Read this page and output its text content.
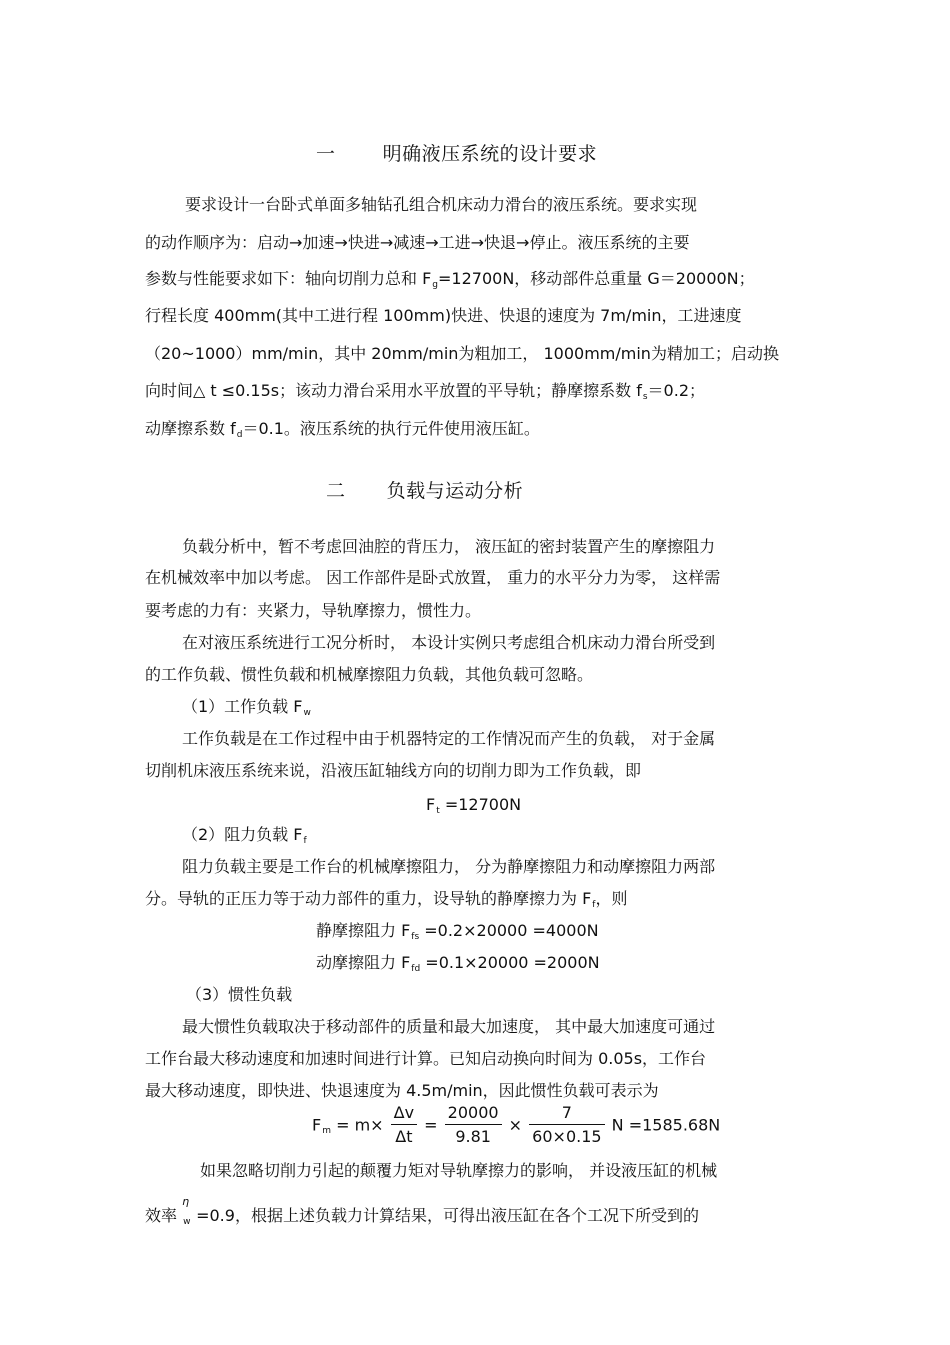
一 明确液压系统的设计要求
要求设计一台卧式单面多轴钻孔组合机床动力滑台的液压系统。要求实现
的动作顺序为：启动→加速→快进→减速→工进→快退→停止。液压系统的主要
参数与性能要求如下：轴向切削力总和 $F_g=12700N$，移动部件总重量 G＝20000N；
行程长度 400mm(其中工进行程 100mm)快进、快退的速度为 7m/min，工进速度
（20~1000）mm/min，其中 20mm/min为粗加工， 1000mm/min为精加工；启动换
向时间△ t ≤0.15s；该动力滑台采用水平放置的平导轨；静摩擦系数 $f_s=0.2$；
动摩擦系数 $f_d=0.1$。液压系统的执行元件使用液压缸。
二 负载与运动分析
负载分析中，暂不考虑回油腔的背压力， 液压缸的密封装置产生的摩擦阻力
在机械效率中加以考虑。 因工作部件是卧式放置， 重力的水平分力为零， 这样需
要考虑的力有：夹紧力，导轨摩擦力，惯性力。
在对液压系统进行工况分析时， 本设计实例只考虑组合机床动力滑台所受到
的工作负载、惯性负载和机械摩擦阻力负载，其他负载可忽略。
（1）工作负载 $F_w$
工作负载是在工作过程中由于机器特定的工作情况而产生的负载， 对于金属
切削机床液压系统来说，沿液压缸轴线方向的切削力即为工作负载，即
$F_t =12700N$
（2）阻力负载 $F_f$
阻力负载主要是工作台的机械摩擦阻力， 分为静摩擦阻力和动摩擦阻力两部
分。导轨的正压力等于动力部件的重力，设导轨的静摩擦力为 $F_f$，则
静摩擦阻力 $F_{fs} =0.2\times 20000 =4000N$
动摩擦阻力 $F_{fd} =0.1\times 20000 =2000N$
（3）惯性负载
最大惯性负载取决于移动部件的质量和最大加速度， 其中最大加速度可通过
工作台最大移动速度和加速时间进行计算。已知启动换向时间为 0.05s，工作台
最大移动速度，即快进、快退速度为 4.5m/min，因此惯性负载可表示为
$F_m = m\times \frac{\Delta v}{\Delta t} = \frac{20000}{9.81} \times \frac{7}{60\times 0.15}$ N =1585.68N
如果忽略切削力引起的颠覆力矩对导轨摩擦力的影响， 并设液压缸的机械
效率
η
$_w$ =0.9，根据上述负载力计算结果，可得出液压缸在各个工况下所受到的
